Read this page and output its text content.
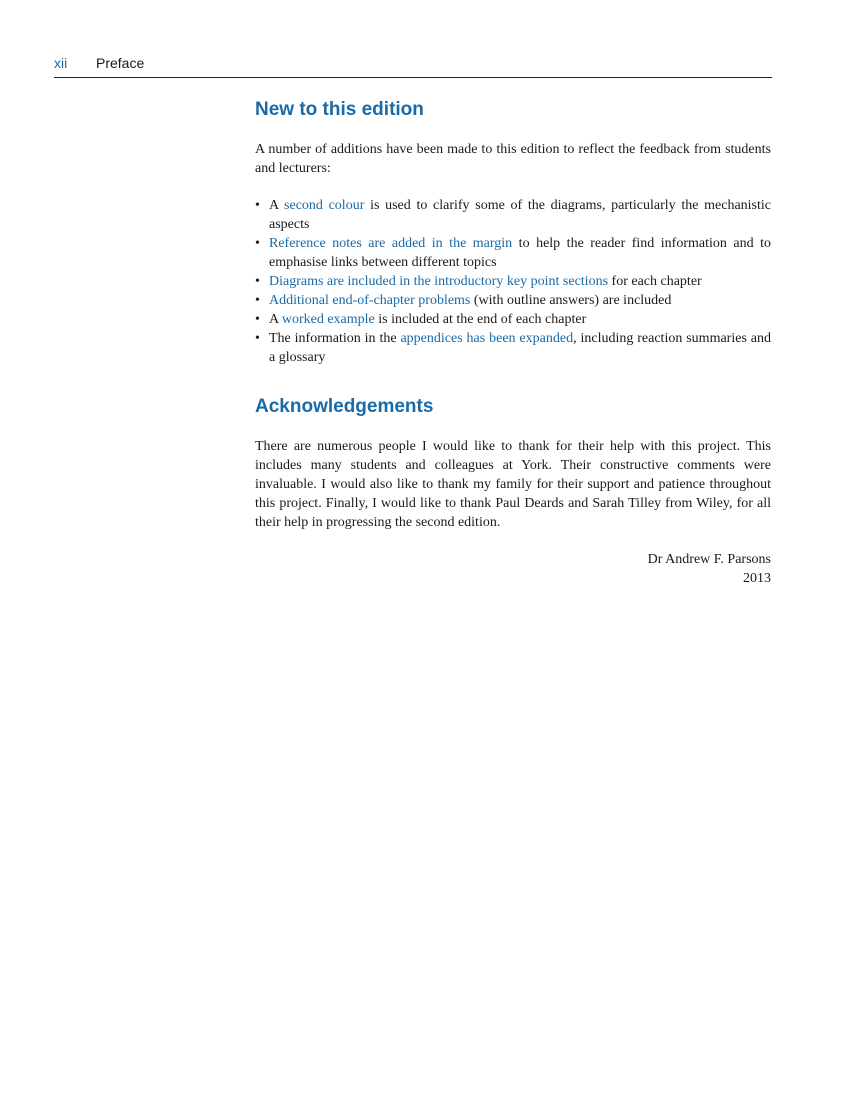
xii Preface
New to this edition

A number of additions have been made to this edition to reflect the feedback from students and lecturers:

• A second colour is used to clarify some of the diagrams, particularly the mechanistic aspects
• Reference notes are added in the margin to help the reader find information and to emphasise links between different topics
• Diagrams are included in the introductory key point sections for each chapter
• Additional end-of-chapter problems (with outline answers) are included
• A worked example is included at the end of each chapter
• The information in the appendices has been expanded, including reaction summaries and a glossary
Acknowledgements

There are numerous people I would like to thank for their help with this project. This includes many students and colleagues at York. Their constructive comments were invaluable. I would also like to thank my family for their support and patience throughout this project. Finally, I would like to thank Paul Deards and Sarah Tilley from Wiley, for all their help in progressing the second edition.

Dr Andrew F. Parsons
2013
